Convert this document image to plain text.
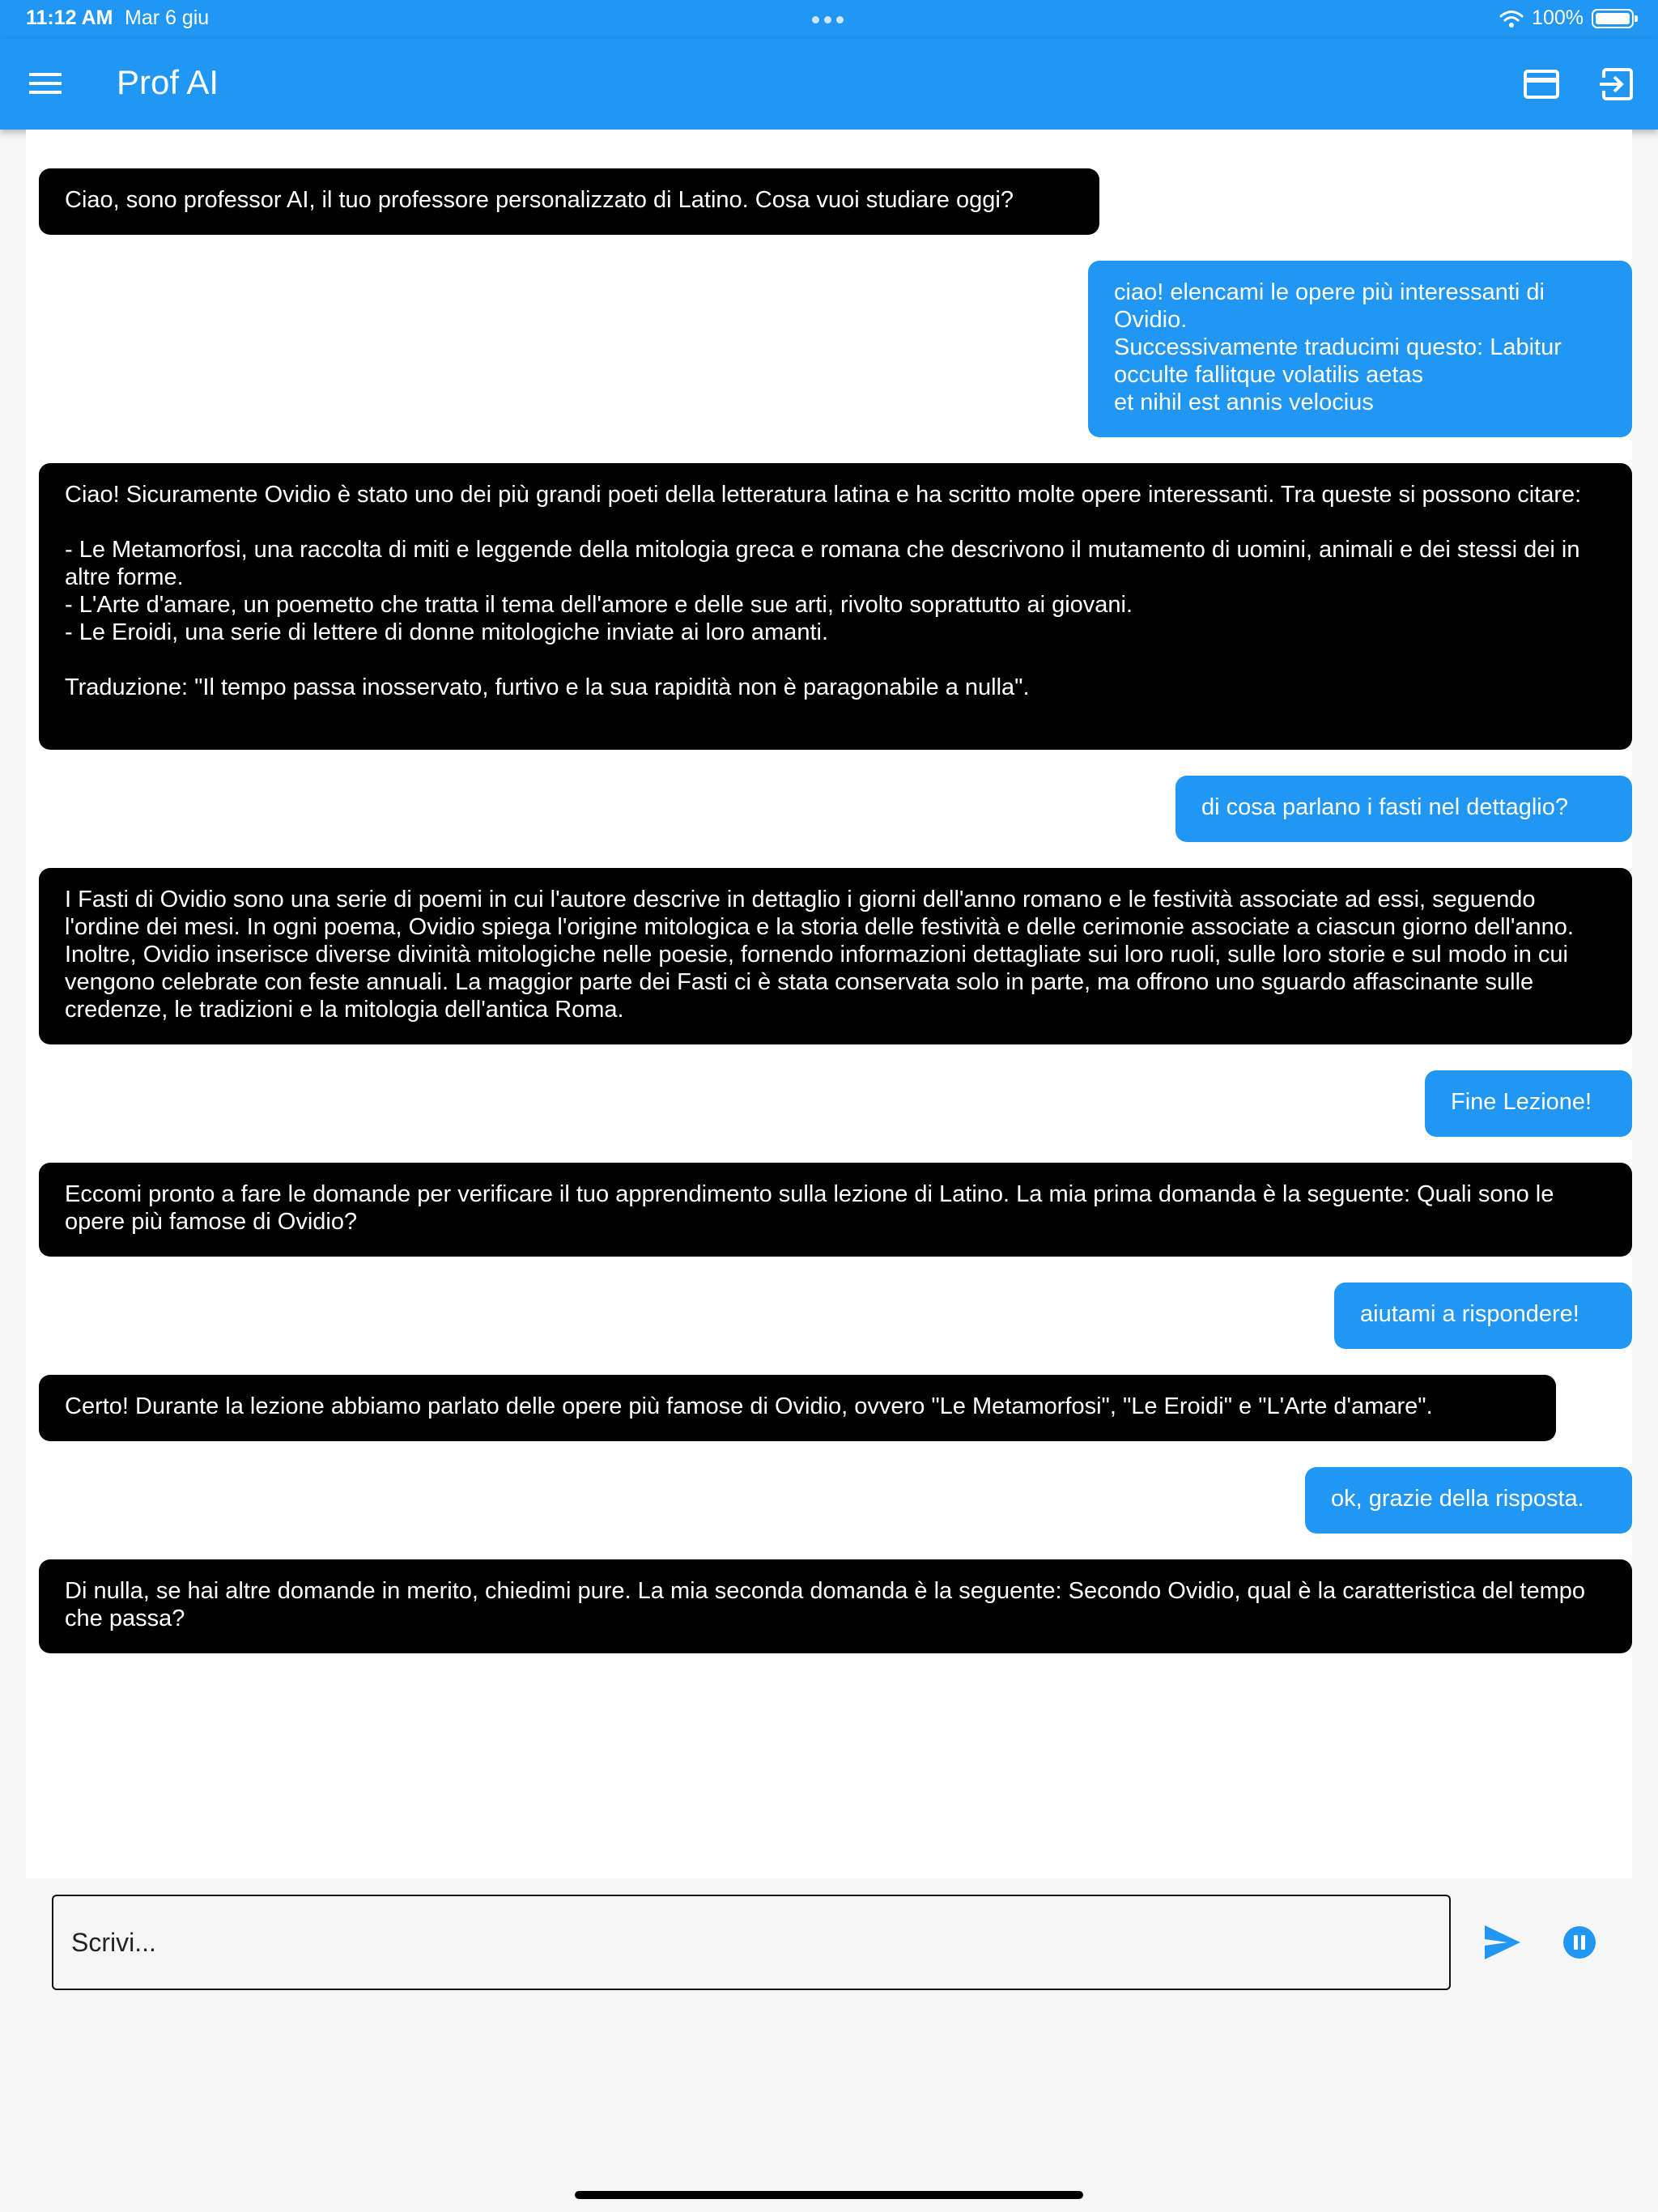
11:12 AM Mar 6 giu	100%
Prof AI
Ciao, sono professor AI, il tuo professore personalizzato di Latino. Cosa vuoi studiare oggi?
ciao! elencami le opere più interessanti di Ovidio.
Successivamente traducimi questo: Labitur occulte fallitque volatilis aetas
et nihil est annis velocius
Ciao! Sicuramente Ovidio è stato uno dei più grandi poeti della letteratura latina e ha scritto molte opere interessanti. Tra queste si possono citare:

- Le Metamorfosi, una raccolta di miti e leggende della mitologia greca e romana che descrivono il mutamento di uomini, animali e dei stessi dei in altre forme.
- L'Arte d'amare, un poemetto che tratta il tema dell'amore e delle sue arti, rivolto soprattutto ai giovani.
- Le Eroidi, una serie di lettere di donne mitologiche inviate ai loro amanti.

Traduzione: "Il tempo passa inosservato, furtivo e la sua rapidità non è paragonabile a nulla".
di cosa parlano i fasti nel dettaglio?
I Fasti di Ovidio sono una serie di poemi in cui l'autore descrive in dettaglio i giorni dell'anno romano e le festività associate ad essi, seguendo l'ordine dei mesi. In ogni poema, Ovidio spiega l'origine mitologica e la storia delle festività e delle cerimonie associate a ciascun giorno dell'anno. Inoltre, Ovidio inserisce diverse divinità mitologiche nelle poesie, fornendo informazioni dettagliate sui loro ruoli, sulle loro storie e sul modo in cui vengono celebrate con feste annuali. La maggior parte dei Fasti ci è stata conservata solo in parte, ma offrono uno sguardo affascinante sulle credenze, le tradizioni e la mitologia dell'antica Roma.
Fine Lezione!
Eccomi pronto a fare le domande per verificare il tuo apprendimento sulla lezione di Latino. La mia prima domanda è la seguente: Quali sono le opere più famose di Ovidio?
aiutami a rispondere!
Certo! Durante la lezione abbiamo parlato delle opere più famose di Ovidio, ovvero "Le Metamorfosi", "Le Eroidi" e "L'Arte d'amare".
ok, grazie della risposta.
Di nulla, se hai altre domande in merito, chiedimi pure. La mia seconda domanda è la seguente: Secondo Ovidio, qual è la caratteristica del tempo che passa?
Scrivi...
